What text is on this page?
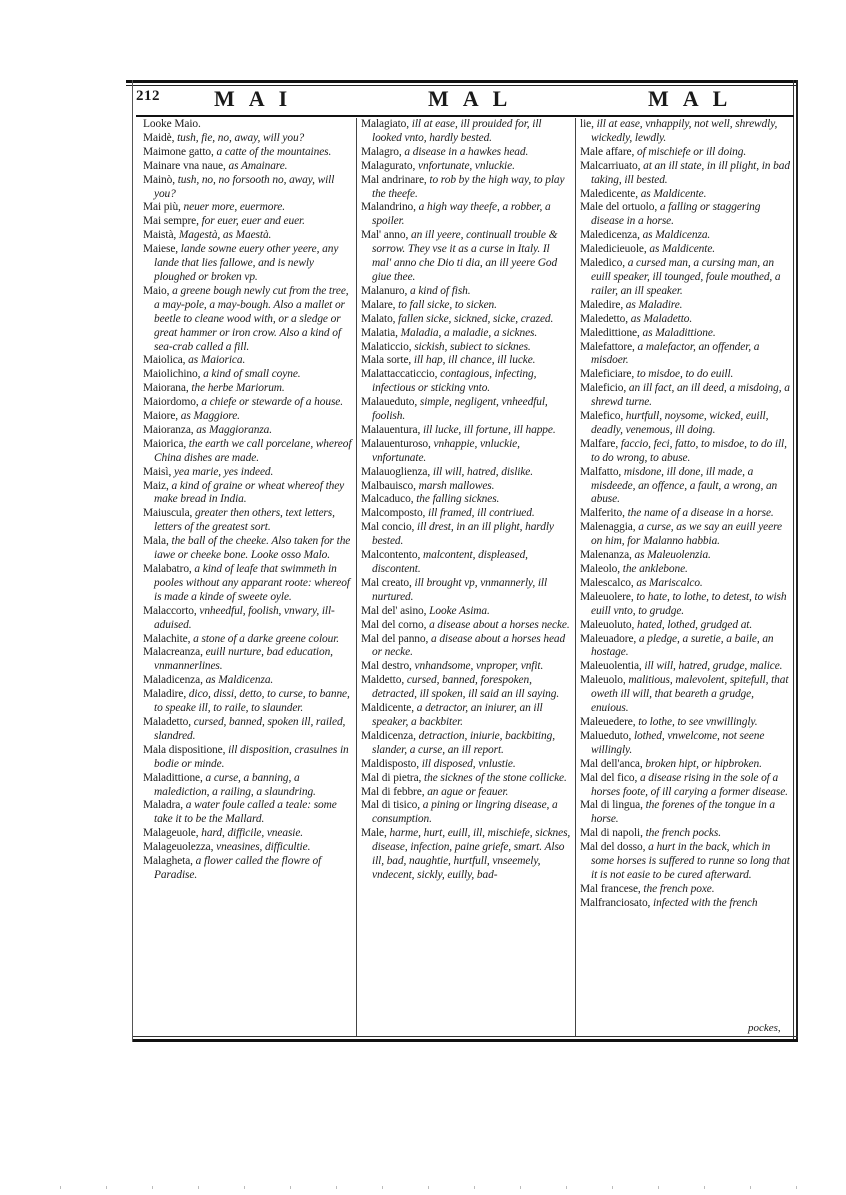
212 MAI	MAL	MAL

Looke Maio.

Maidè, tush, fie, no, away, will you?

Maimone gatto, a catte of the mountaines.

Mainare vna naue, as Amainare.

Mainò, tush, no, no forsooth no, away, will you?

Mai più, neuer more, euermore.

Mai sempre, for euer, euer and euer.

Maistà, Magestà, as Maestà.

Maiese, lande sowne euery other yeere, any lande that lies fallowe, and is newly ploughed or broken vp.

Maio, a greene bough newly cut from the tree, a may-pole, a may-bough. Also a mallet or beetle to cleane wood with, or a sledge or great hammer or iron crow. Also a kind of sea-crab called a fill.

Maiolica, as Maiorica.

Maiolichino, a kind of small coyne.

Maiorana, the herbe Mariorum.

Maiordomo, a chiefe or stewarde of a house.

Maiore, as Maggiore.

Maioranza, as Maggioranza.

Maiorica, the earth we call porcelane, whereof China dishes are made.

Maisì, yea marie, yes indeed.

Maiz, a kind of graine or wheat whereof they make bread in India.

Maiuscula, greater then others, text letters, letters of the greatest sort.

Mala, the ball of the cheeke. Also taken for the iawe or cheeke bone. Looke osso Malo.

Malabatro, a kind of leafe that swimmeth in pooles without any apparant roote: whereof is made a kinde of sweete oyle.

Malaccorto, vnheedful, foolish, vnwary, ill-aduised.

Malachite, a stone of a darke greene colour.

Malacreanza, euill nurture, bad education, vnmannerlines.

Maladicenza, as Maldicenza.

Maladire, dico, dissi, detto, to curse, to banne, to speake ill, to raile, to slaunder.

Maladetto, cursed, banned, spoken ill, railed, slandred.

Mala dispositione, ill disposition, crasulnes in bodie or minde.

Maladittione, a curse, a banning, a malediction, a railing, a slaundring.

Maladra, a water foule called a teale: some take it to be the Mallard.

Malageuole, hard, difficile, vneasie.

Malageuolezza, vneasines, difficultie.

Malagheta, a flower called the flowre of Paradise.

Malagiato, ill at ease, ill prouided for, ill looked vnto, hardly bested.

Malagro, a disease in a hawkes head.

Malagurato, vnfortunate, vnluckie.

Mal andrinare, to rob by the high way, to play the theefe.

Malandrino, a high way theefe, a robber, a spoiler.

Mal' anno, an ill yeere, continuall trouble & sorrow. They vse it as a curse in Italy. Il mal' anno che Dio ti dia, an ill yeere God giue thee.

Malanuro, a kind of fish.

Malare, to fall sicke, to sicken.

Malato, fallen sicke, sickned, sicke, crazed.

Malatia, Maladia, a maladie, a sicknes.

Malaticcio, sickish, subiect to sicknes.

Mala sorte, ill hap, ill chance, ill lucke.

Malattaccaticcio, contagious, infecting, infectious or sticking vnto.

Malaueduto, simple, negligent, vnheedful, foolish.

Malauentura, ill lucke, ill fortune, ill happe.

Malauenturoso, vnhappie, vnluckie, vnfortunate.

Malauoglienza, ill will, hatred, dislike.

Malbauisco, marsh mallowes.

Malcaduco, the falling sicknes.

Malcomposto, ill framed, ill contriued.

Mal concio, ill drest, in an ill plight, hardly bested.

Malcontento, malcontent, displeased, discontent.

Mal creato, ill brought vp, vnmannerly, ill nurtured.

Mal del' asino, Looke Asima.

Mal del corno, a disease about a horses necke.

Mal del panno, a disease about a horses head or necke.

Mal destro, vnhandsome, vnproper, vnfit.

Maldetto, cursed, banned, forespoken, detracted, ill spoken, ill said an ill saying.

Maldicente, a detractor, an iniurer, an ill speaker, a backbiter.

Maldicenza, detraction, iniurie, backbiting, slander, a curse, an ill report.

Maldisposto, ill disposed, vnlustie.

Mal di pietra, the sicknes of the stone collicke.

Mal di febbre, an ague or feauer.

Mal di tisico, a pining or lingring disease, a consumption.

Male, harme, hurt, euill, ill, mischiefe, sicknes, disease, infection, paine griefe, smart. Also ill, bad, naughtie, hurtfull, vnseemely, vndecent, sickly, euilly, bad-

lie, ill at ease, vnhappily, not well, shrewdly, wickedly, lewdly.

Male affare, of mischiefe or ill doing.

Malcarriuato, at an ill state, in ill plight, in bad taking, ill bested.

Maledicente, as Maldicente.

Male del ortuolo, a falling or staggering disease in a horse.

Maledicenza, as Maldicenza.

Maledicieuole, as Maldicente.

Maledico, a cursed man, a cursing man, an euill speaker, ill tounged, foule mouthed, a railer, an ill speaker.

Maledire, as Maladire.

Maledetto, as Maladetto.

Maledittione, as Maladittione.

Malefattore, a malefactor, an offender, a misdoer.

Maleficiare, to misdoe, to do euill.

Maleficio, an ill fact, an ill deed, a misdoing, a shrewd turne.

Malefico, hurtfull, noysome, wicked, euill, deadly, venemous, ill doing.

Malfare, faccio, feci, fatto, to misdoe, to do ill, to do wrong, to abuse.

Malfatto, misdone, ill done, ill made, a misdeede, an offence, a fault, a wrong, an abuse.

Malferito, the name of a disease in a horse.

Malenaggia, a curse, as we say an euill yeere on him, for Malanno habbia.

Malenanza, as Maleuolenzia.

Maleolo, the anklebone.

Malescalco, as Mariscalco.

Maleuolere, to hate, to lothe, to detest, to wish euill vnto, to grudge.

Maleuoluto, hated, lothed, grudged at.

Maleuadore, a pledge, a suretie, a baile, an hostage.

Maleuolentia, ill will, hatred, grudge, malice.

Maleuolo, malitious, malevolent, spitefull, that oweth ill will, that beareth a grudge, enuious.

Maleuedere, to lothe, to see vnwillingly.

Malueduto, lothed, vnwelcome, not seene willingly.

Mal dell'anca, broken hipt, or hipbroken.

Mal del fico, a disease rising in the sole of a horses foote, of ill carying a former disease.

Mal di lingua, the forenes of the tongue in a horse.

Mal di napoli, the french pocks.

Mal del dosso, a hurt in the back, which in some horses is suffered to runne so long that it is not easie to be cured afterward.

Mal francese, the french poxe.

Malfranciosato, infected with the french

pockes,
